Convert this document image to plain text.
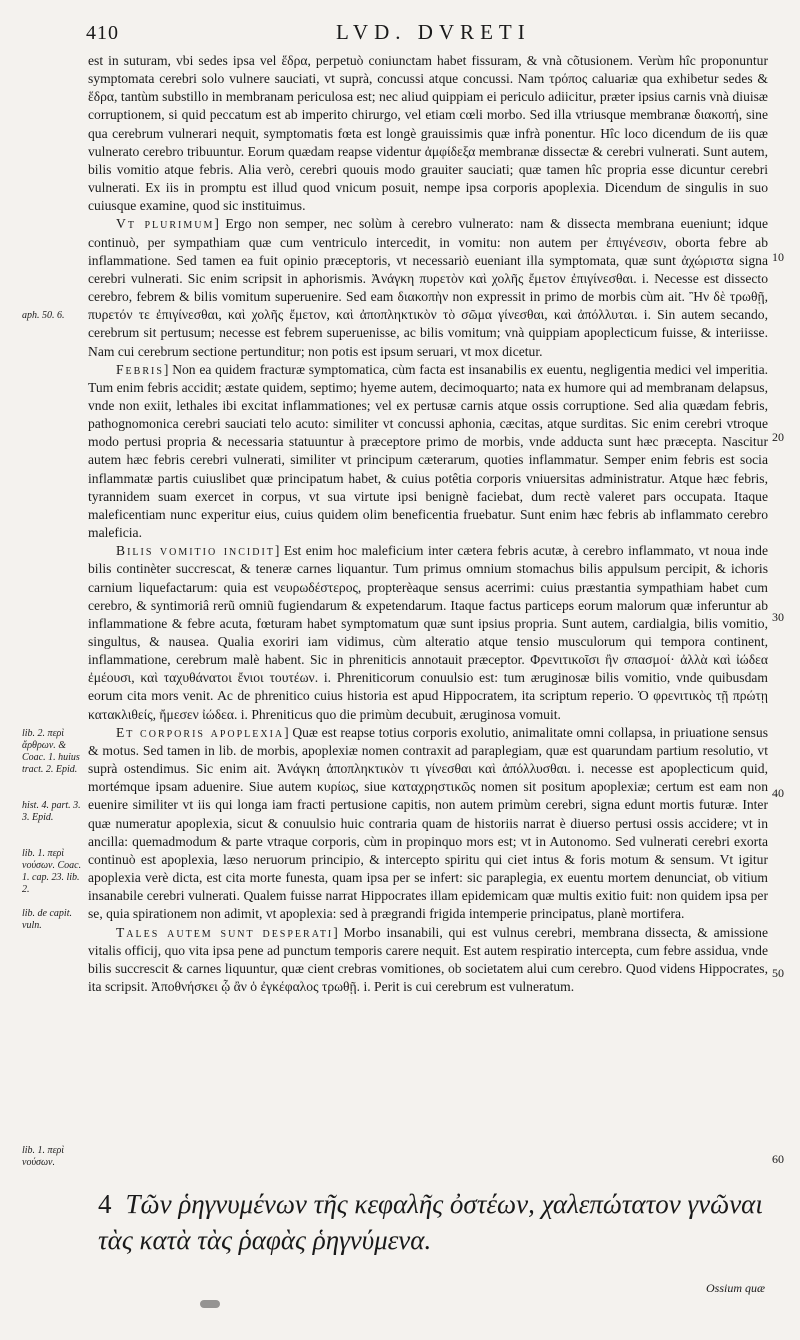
410	LVD. DVRETI

est in suturam, vbi sedes ipsa vel ἕδρα, perpetuò coniunctam habet fissuram, & vnà cõtusionem. Verùm hîc proponuntur symptomata cerebri solo vulnere sauciati, vt suprà, concussi atque concussi. Nam τρόπος caluariæ qua exhibetur sedes & ἕδρα, tantùm substillo in membranam periculosa est; nec aliud quippiam ei periculo adiicitur, præter ipsius carnis vnà diuisæ corruptionem, si quid peccatum est ab imperito chirurgo, vel etiam cœli morbo. Sed illa vtriusque membranæ διακοπή, sine qua cerebrum vulnerari nequit, symptomatis fœta est longè grauissimis quæ infrà ponentur. Hîc loco dicendum de iis quæ vulnerato cerebro tribuuntur. Eorum quædam reapse videntur ἀμφίδεξα membranæ dissectæ & cerebri vulnerati. Sunt autem, bilis vomitio atque febris. Alia verò, cerebri quouis modo grauiter sauciati; quæ tamen hîc propria esse dicuntur cerebri vulnerati. Ex iis in promptu est illud quod vnicum posuit, nempe ipsa corporis apoplexia. Dicendum de singulis in suo cuiusque examine, quod sic instituimus.

Vt plurimum] Ergo non semper, nec solùm à cerebro vulnerato: nam & dissecta membrana eueniunt; idque continuò, per sympathiam quæ cum ventriculo intercedit, in vomitu: non autem per ἐπιγένεσιν, oborta febre ab inflammatione. Sed tamen ea fuit opinio præceptoris, vt necessariò eueniant illa symptomata, quæ sunt ἀχώριστα signa cerebri vulnerati. Sic enim scripsit in aphorismis. Ἀνάγκη πυρετὸν καὶ χολῆς ἔμετον ἐπιγίνεσθαι. i. Necesse est dissecto cerebro, febrem & bilis vomitum superuenire. Sed eam διακοπὴν non expressit in primo de morbis cùm ait. Ἢν δὲ τρωθῇ, πυρετόν τε ἐπιγίνεσθαι, καὶ χολῆς ἔμετον, καὶ ἀποπληκτικὸν τὸ σῶμα γίνεσθαι, καὶ ἀπόλλυται. i. Sin autem secando, cerebrum sit pertusum; necesse est febrem superuenisse, ac bilis vomitum; vnà quippiam apoplecticum fuisse, & interiisse. Nam cui cerebrum sectione pertunditur; non potis est ipsum seruari, vt mox dicetur.

Febris] Non ea quidem fracturæ symptomatica, cùm facta est insanabilis ex euentu, negligentia medici vel imperitia. Tum enim febris accidit; æstate quidem, septimo; hyeme autem, decimoquarto; nata ex humore qui ad membranam delapsus, vnde non exiit, lethales ibi excitat inflammationes; vel ex pertusæ carnis atque ossis corruptione. Sed alia quædam febris, pathognomonica cerebri sauciati telo acuto: similiter vt concussi aphonia, cæcitas, atque surditas. Sic enim cerebri vtroque modo pertusi propria & necessaria statuuntur à præceptore primo de morbis, vnde adducta sunt hæc præcepta. Nascitur autem hæc febris cerebri vulnerati, similiter vt principum cæterarum, quoties inflammatur. Semper enim febris est socia inflammatæ partis cuiuslibet quæ principatum habet, & cuius potêtia corporis vniuersitas administratur. Atque hæc febris, tyrannidem suam exercet in corpus, vt sua virtute ipsi benignè faciebat, dum rectè valeret pars occupata. Itaque maleficentiam nunc experitur eius, cuius quidem olim beneficentia fruebatur. Sunt enim hæc febris ab inflammato cerebro maleficia.

Bilis vomitio incidit] Est enim hoc maleficium inter cætera febris acutæ, à cerebro inflammato, vt noua inde bilis continèter succrescat, & teneræ carnes liquantur. Tum primus omnium stomachus bilis appulsum percipit, & ichoris carnium liquefactarum: quia est νευρωδέστερος, propterèaque sensus acerrimi: cuius præstantia sympathiam habet cum cerebro, & syntimoriâ rerũ omniũ fugiendarum & expetendarum. Itaque factus particeps eorum malorum quæ inferuntur ab inflammatione & febre acuta, fœturam habet symptomatum quæ sunt ipsius propria. Sunt autem, cardialgia, bilis vomitio, singultus, & nausea. Qualia exoriri iam vidimus, cùm alteratio atque tensio musculorum qui tempora continent, inflammatione, cerebrum malè habent. Sic in phreniticis annotauit præceptor. Φρενιτικοῖσι ἢν σπασμοί· ἀλλὰ καὶ ἰώδεα ἐμέουσι, καὶ ταχυθάνατοι ἔνιοι τουτέων. i. Phreniticorum conuulsio est: tum æruginosæ bilis vomitio, vnde quibusdam eorum cita mors venit. Ac de phrenitico cuius historia est apud Hippocratem, ita scriptum reperio. Ὁ φρενιτικὸς τῇ πρώτῃ κατακλιθείς, ἤμεσεν ἰώδεα. i. Phreniticus quo die primùm decubuit, æruginosa vomuit.

Et corporis apoplexia] Quæ est reapse totius corporis exolutio, animalitate omni collapsa, in priuatione sensus & motus. Sed tamen in lib. de morbis, apoplexiæ nomen contraxit ad paraplegiam, quæ est quarundam partium resolutio, vt suprà ostendimus. Sic enim ait. Ἀνάγκη ἀποπληκτικὸν τι γίνεσθαι καὶ ἀπόλλυσθαι. i. necesse est apoplecticum quid, mortémque ipsam aduenire. Siue autem κυρίως, siue καταχρηστικῶς nomen sit positum apoplexiæ; certum est eam non euenire similiter vt iis qui longa iam fracti pertusione capitis, non autem primùm cerebri, signa edunt mortis futuræ. Inter quæ numeratur apoplexia, sicut & conuulsio huic contraria quam de historiis narrat è diuerso pertusi ossis accidere; vt in ancilla: quemadmodum & parte vtraque corporis, cùm in propinquo mors est; vt in Autonomo. Sed vulnerati cerebri exorta continuò est apoplexia, læso neruorum principio, & intercepto spiritu qui ciet intus & foris motum & sensum. Vt igitur apoplexia verè dicta, est cita morte funesta, quam ipsa per se infert: sic paraplegia, ex euentu mortem denunciat, ob vitium insanabile cerebri vulnerati. Qualem fuisse narrat Hippocrates illam epidemicam quæ multis exitio fuit: non quidem ipsa per se, quia spirationem non adimit, vt apoplexia: sed à prægrandi frigida intemperie principatus, planè mortifera.

Tales autem sunt desperati] Morbo insanabili, qui est vulnus cerebri, membrana dissecta, & amissione vitalis officij, quo vita ipsa pene ad punctum temporis carere nequit. Est autem respiratio intercepta, cum febre assidua, vnde bilis succrescit & carnes liquuntur, quæ cient crebras vomitiones, ob societatem alui cum cerebro. Quod videns Hippocrates, ita scripsit. Ἀποθνήσκει ᾧ ἂν ὁ ἐγκέφαλος τρωθῇ. i. Perit is cui cerebrum est vulneratum.

aph. 50. 6.
lib. 2. περὶ ἄρθρων. & Coac. 1. huius tract. 2. Epid.
hist. 4. part. 3. 3. Epid.
lib. 1. περὶ νούσων. Coac. 1. cap. 23. lib. 2.
lib. de capit. vuln.
lib. 1. περὶ νούσων.
10
20
30
40
50
60
4 Τῶν ῥηγνυμένων τῆς κεφαλῆς ὀστέων, χαλεπώτατον γνῶναι τὰς κατὰ τὰς ῥαφὰς ῥηγνύμενα.
Ossium quæ
